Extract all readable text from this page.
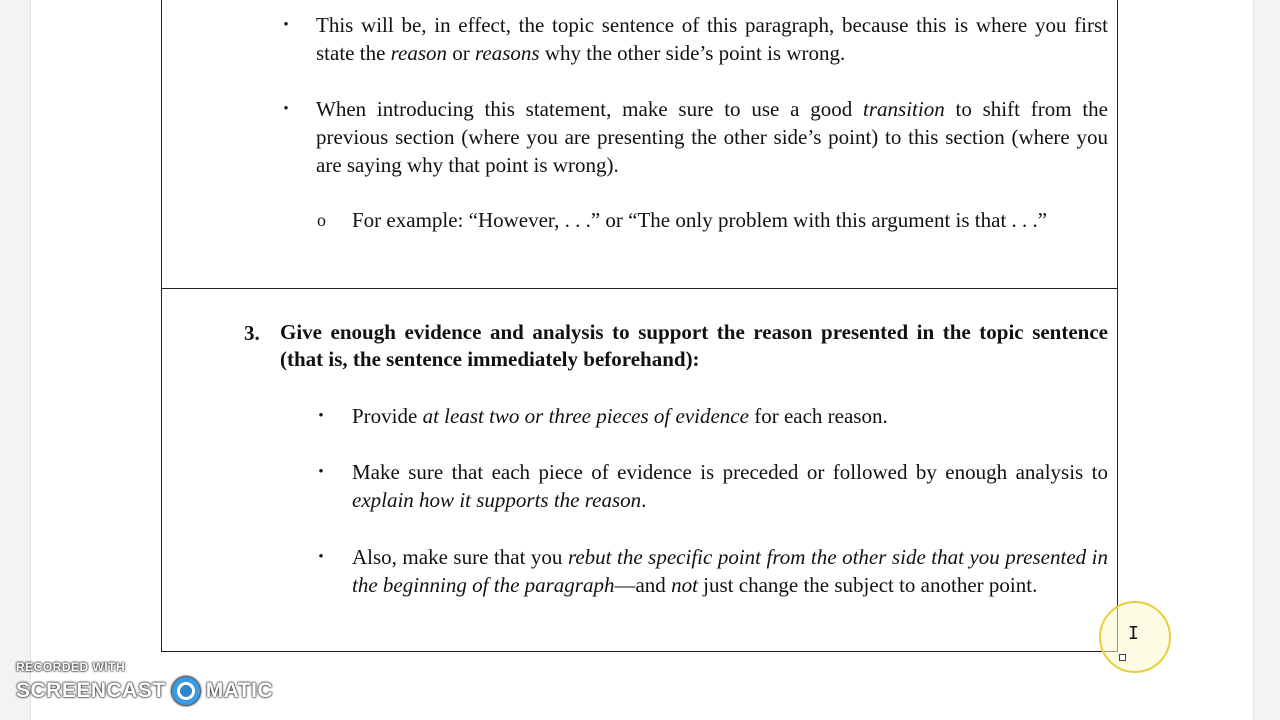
• This will be, in effect, the topic sentence of this paragraph, because this is where you first state the reason or reasons why the other side’s point is wrong.
• When introducing this statement, make sure to use a good transition to shift from the previous section (where you are presenting the other side’s point) to this section (where you are saying why that point is wrong).
o For example: “However, . . .” or “The only problem with this argument is that . . .”
3. Give enough evidence and analysis to support the reason presented in the topic sentence (that is, the sentence immediately beforehand):
• Provide at least two or three pieces of evidence for each reason.
• Make sure that each piece of evidence is preceded or followed by enough analysis to explain how it supports the reason.
• Also, make sure that you rebut the specific point from the other side that you presented in the beginning of the paragraph—and not just change the subject to another point.
I
RECORDED WITH
SCREENCAST MATIC
